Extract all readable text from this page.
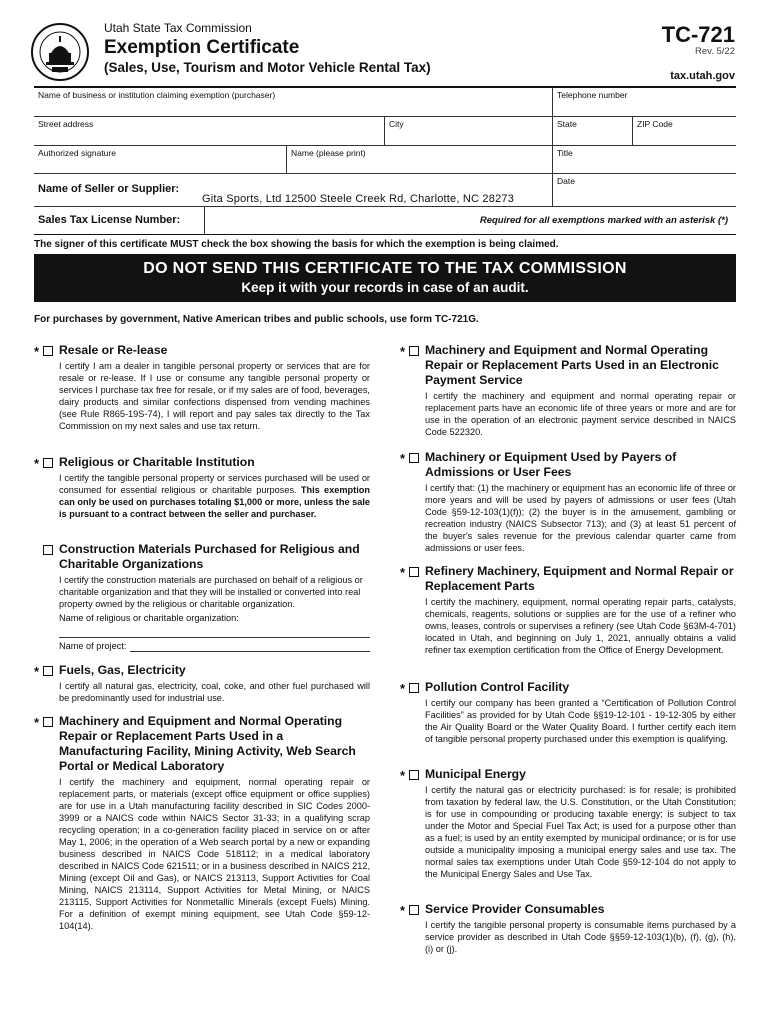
Utah State Tax Commission
Exemption Certificate
(Sales, Use, Tourism and Motor Vehicle Rental Tax)
TC-721
Rev. 5/22
tax.utah.gov
Name of business or institution claiming exemption (purchaser)	Telephone number
Street address	City	State	ZIP Code
Authorized signature	Name (please print)	Title
Date
Name of Seller or Supplier:
Gita Sports, Ltd 12500 Steele Creek Rd, Charlotte, NC 28273
Sales Tax License Number:	Required for all exemptions marked with an asterisk (*)
The signer of this certificate MUST check the box showing the basis for which the exemption is being claimed.
DO NOT SEND THIS CERTIFICATE TO THE TAX COMMISSION
Keep it with your records in case of an audit.
For purchases by government, Native American tribes and public schools, use form TC-721G.
* Resale or Re-lease
I certify I am a dealer in tangible personal property or services that are for resale or re-lease. If I use or consume any tangible personal property or services I purchase tax free for resale, or if my sales are of food, beverages, dairy products and similar confections dispensed from vending machines (see Rule R865-19S-74), I will report and pay sales tax directly to the Tax Commission on my next sales and use tax return.
* Religious or Charitable Institution
I certify the tangible personal property or services purchased will be used or consumed for essential religious or charitable purposes. This exemption can only be used on purchases totaling $1,000 or more, unless the sale is pursuant to a contract between the seller and purchaser.
Construction Materials Purchased for Religious and Charitable Organizations
I certify the construction materials are purchased on behalf of a religious or charitable organization and that they will be installed or converted into real property owned by the religious or charitable organization.
Name of religious or charitable organization:
Name of project:
* Fuels, Gas, Electricity
I certify all natural gas, electricity, coal, coke, and other fuel purchased will be predominantly used for industrial use.
* Machinery and Equipment and Normal Operating Repair or Replacement Parts Used in a Manufacturing Facility, Mining Activity, Web Search Portal or Medical Laboratory
I certify the machinery and equipment, normal operating repair or replacement parts, or materials (except office equipment or office supplies) are for use in a Utah manufacturing facility described in SIC Codes 2000-3999 or a NAICS code within NAICS Sector 31-33; in a qualifying scrap recycling operation; in a co-generation facility placed in service on or after May 1, 2006; in the operation of a Web search portal by a new or expanding business described in NAICS Code 518112; in a medical laboratory described in NAICS Code 621511; or in a business described in NAICS 212, Mining (except Oil and Gas), or NAICS 213113, Support Activities for Coal Mining, NAICS 213114, Support Activities for Metal Mining, or NAICS 213115, Support Activities for Nonmetallic Minerals (except Fuels) Mining. For a definition of exempt mining equipment, see Utah Code §59-12-104(14).
* Machinery and Equipment and Normal Operating Repair or Replacement Parts Used in an Electronic Payment Service
I certify the machinery and equipment and normal operating repair or replacement parts have an economic life of three years or more and are for use in the operation of an electronic payment service described in NAICS Code 522320.
* Machinery or Equipment Used by Payers of Admissions or User Fees
I certify that: (1) the machinery or equipment has an economic life of three or more years and will be used by payers of admissions or user fees (Utah Code §59-12-103(1)(f)); (2) the buyer is in the amusement, gambling or recreation industry (NAICS Subsector 713); and (3) at least 51 percent of the buyer's sales revenue for the previous calendar quarter came from admissions or user fees.
* Refinery Machinery, Equipment and Normal Repair or Replacement Parts
I certify the machinery, equipment, normal operating repair parts, catalysts, chemicals, reagents, solutions or supplies are for the use of a refiner who owns, leases, controls or supervises a refinery (see Utah Code §63M-4-701) located in Utah, and beginning on July 1, 2021, annually obtains a valid refiner tax exemption certification from the Office of Energy Development.
* Pollution Control Facility
I certify our company has been granted a “Certification of Pollution Control Facilities” as provided for by Utah Code §§19-12-101 - 19-12-305 by either the Air Quality Board or the Water Quality Board. I further certify each item of tangible personal property purchased under this exemption is qualifying.
* Municipal Energy
I certify the natural gas or electricity purchased: is for resale; is prohibited from taxation by federal law, the U.S. Constitution, or the Utah Constitution; is for use in compounding or producing taxable energy; is subject to tax under the Motor and Special Fuel Tax Act; is used for a purpose other than as a fuel; is used by an entity exempted by municipal ordinance; or is for use outside a municipality imposing a municipal energy sales and use tax. The normal sales tax exemptions under Utah Code §59-12-104 do not apply to the Municipal Energy Sales and Use Tax.
* Service Provider Consumables
I certify the tangible personal property is consumable items purchased by a service provider as described in Utah Code §§59-12-103(1)(b), (f), (g), (h), (i) or (j).
